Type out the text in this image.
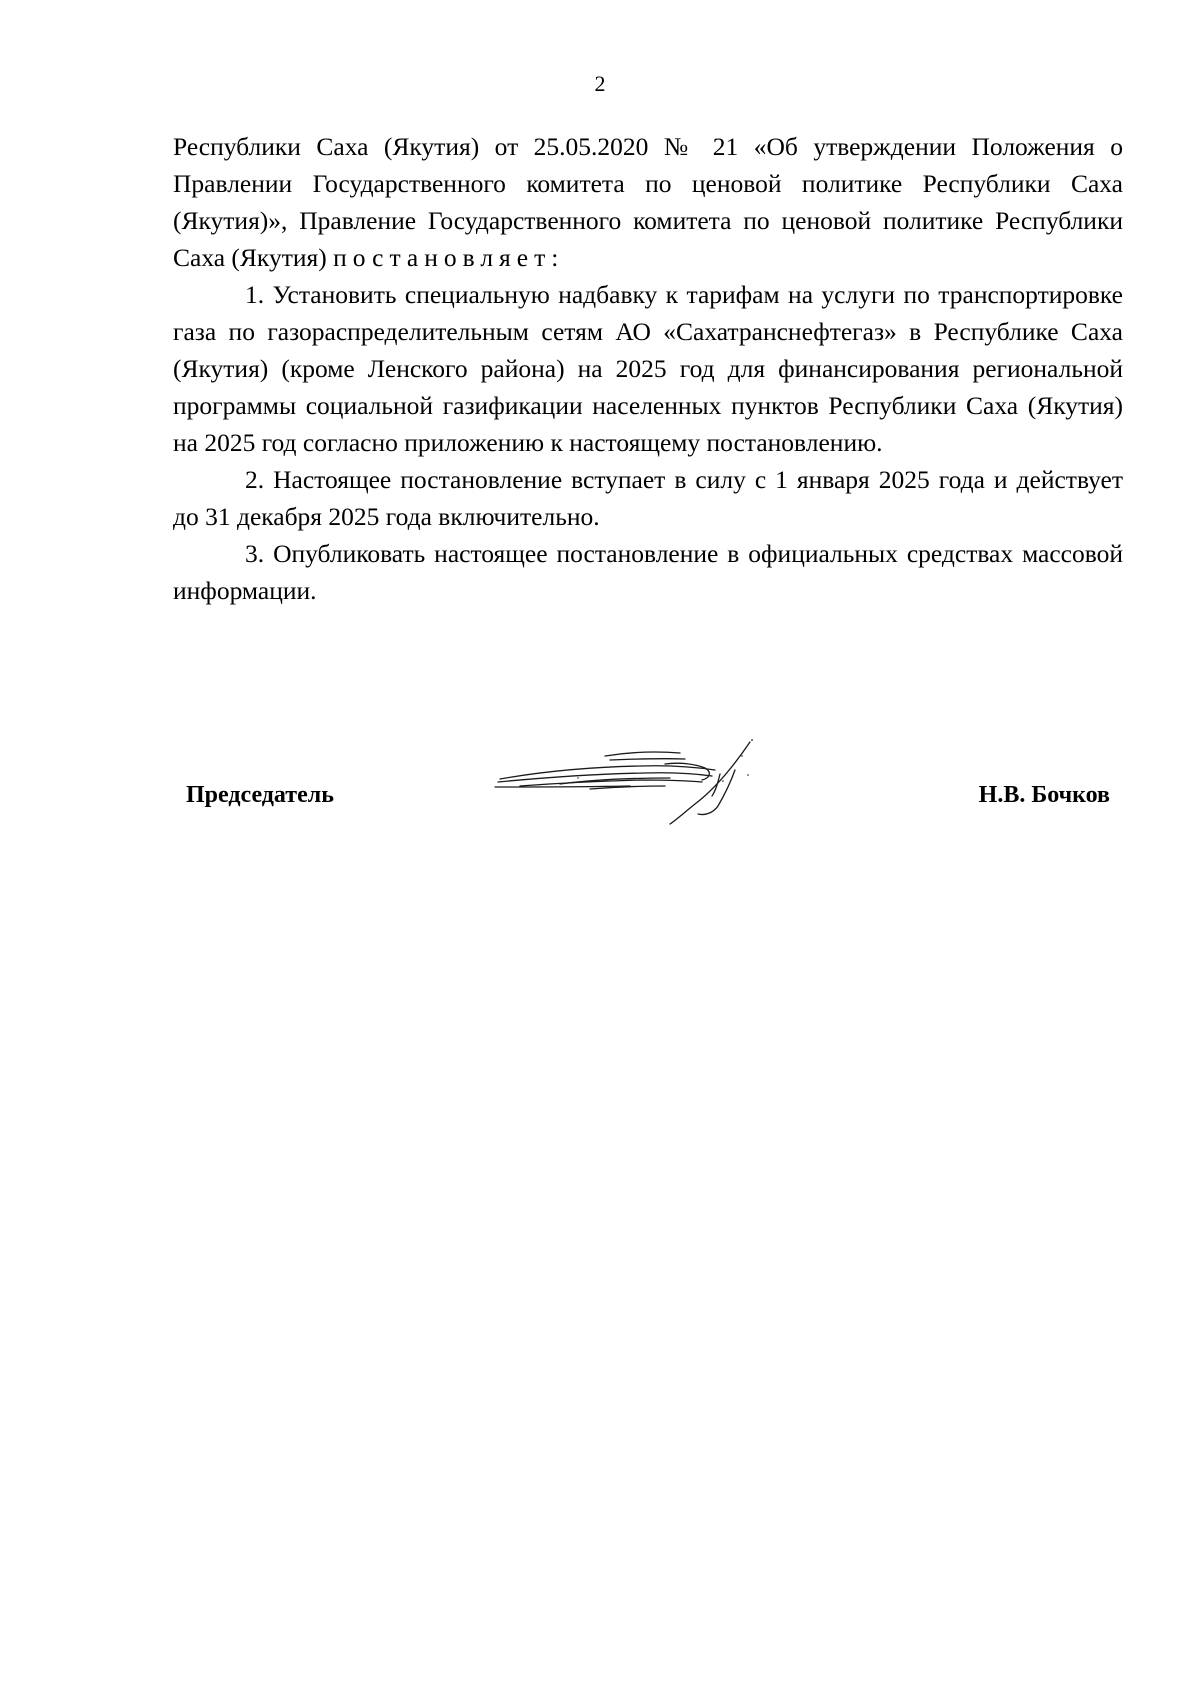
2

Республики Саха (Якутия) от 25.05.2020 № 21 «Об утверждении Положения о Правлении Государственного комитета по ценовой политике Республики Саха (Якутия)», Правление Государственного комитета по ценовой политике Республики Саха (Якутия) постановляет:

1. Установить специальную надбавку к тарифам на услуги по транспортировке газа по газораспределительным сетям АО «Сахатранснефтегаз» в Республике Саха (Якутия) (кроме Ленского района) на 2025 год для финансирования региональной программы социальной газификации населенных пунктов Республики Саха (Якутия) на 2025 год согласно приложению к настоящему постановлению.

2. Настоящее постановление вступает в силу с 1 января 2025 года и действует до 31 декабря 2025 года включительно.

3. Опубликовать настоящее постановление в официальных средствах массовой информации.

Председатель	Н.В. Бочков
